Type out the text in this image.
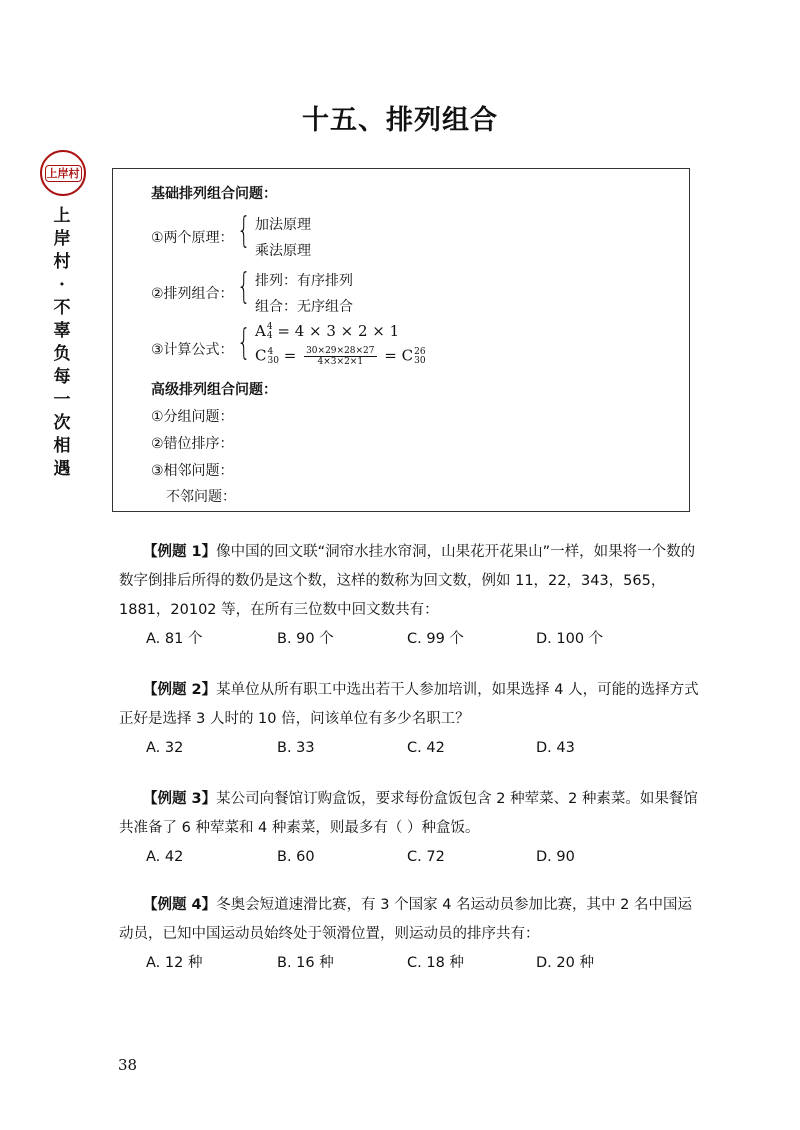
十五、排列组合
上岸村
上岸村·不辜负每一次相遇
基础排列组合问题：
①两个原理： { 加法原理
乘法原理
②排列组合： { 排列：有序排列
组合：无序组合
③计算公式： { A 4
4 = 4 × 3 × 2 × 1
C 4
$30 = \frac{30\times 29\times 28\times 27}{4\times 3\times 2\times 1} = C$ 26
30
高级排列组合问题：
①分组问题：
②错位排序：
③相邻问题：
不邻问题：

【例题 1】像中国的回文联“洞帘水挂水帘洞，山果花开花果山”一样，如果将一个数的数字倒排后所得的数仍是这个数，这样的数称为回文数，例如 11，22，343，565，1881，20102 等，在所有三位数中回文数共有：

A. 81 个	B. 90 个	C. 99 个	D. 100 个

【例题 2】某单位从所有职工中选出若干人参加培训，如果选择 4 人，可能的选择方式正好是选择 3 人时的 10 倍，问该单位有多少名职工？

A. 32	B. 33	C. 42	D. 43

【例题 3】某公司向餐馆订购盒饭，要求每份盒饭包含 2 种荤菜、2 种素菜。如果餐馆共准备了 6 种荤菜和 4 种素菜，则最多有（ ）种盒饭。

A. 42	B. 60	C. 72	D. 90

【例题 4】冬奥会短道速滑比赛，有 3 个国家 4 名运动员参加比赛，其中 2 名中国运动员，已知中国运动员始终处于领滑位置，则运动员的排序共有：

A. 12 种	B. 16 种	C. 18 种	D. 20 种
38
